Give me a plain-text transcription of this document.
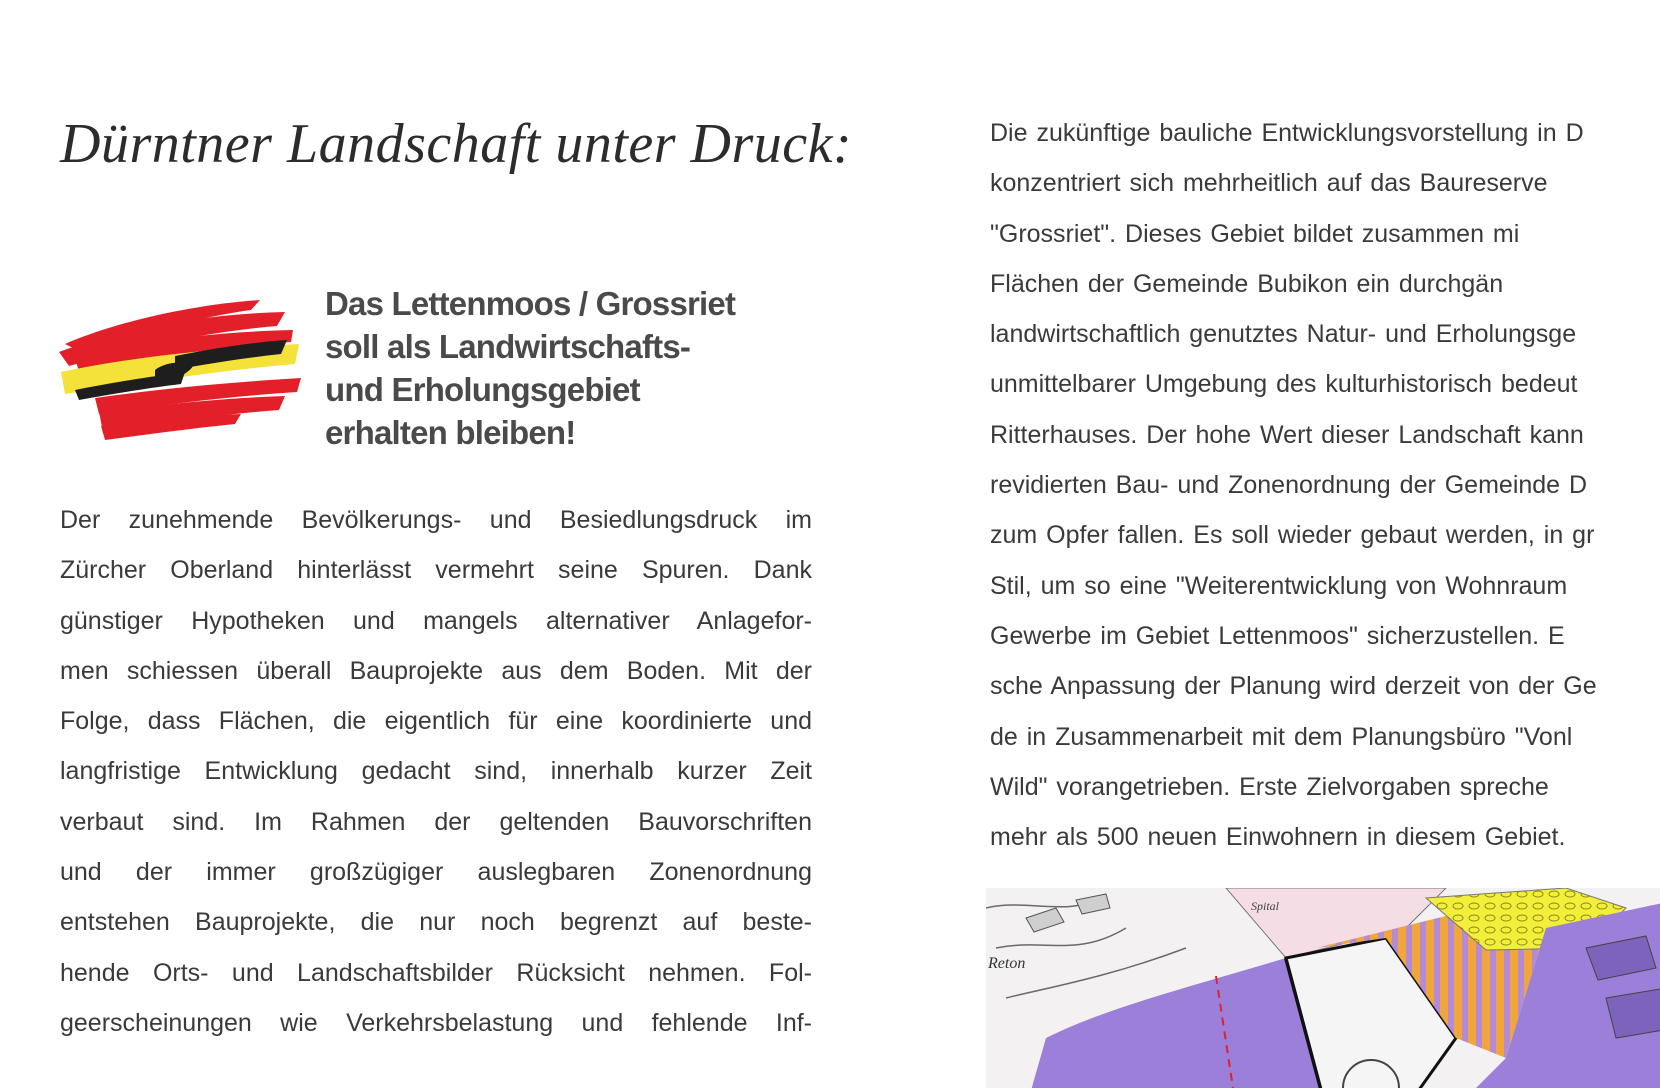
Dürntner Landschaft unter Druck:
Das Lettenmoos / Grossriet
soll als Landwirtschafts-
und Erholungsgebiet
erhalten bleiben!
Der zunehmende Bevölkerungs- und Besiedlungsdruck im
Zürcher Oberland hinterlässt vermehrt seine Spuren. Dank
günstiger Hypotheken und mangels alternativer Anlagefor-
men schiessen überall Bauprojekte aus dem Boden. Mit der
Folge, dass Flächen, die eigentlich für eine koordinierte und
langfristige Entwicklung gedacht sind, innerhalb kurzer Zeit
verbaut sind. Im Rahmen der geltenden Bauvorschriften
und der immer großzügiger auslegbaren Zonenordnung
entstehen Bauprojekte, die nur noch begrenzt auf beste-
hende Orts- und Landschaftsbilder Rücksicht nehmen. Fol-
geerscheinungen wie Verkehrsbelastung und fehlende Inf-
Die zukünftige bauliche Entwicklungsvorstellung in D
konzentriert sich mehrheitlich auf das Baureserve
"Grossriet". Dieses Gebiet bildet zusammen mi
Flächen der Gemeinde Bubikon ein durchgän
landwirtschaftlich genutztes Natur- und Erholungsge
unmittelbarer Umgebung des kulturhistorisch bedeut
Ritterhauses. Der hohe Wert dieser Landschaft kann
revidierten Bau- und Zonenordnung der Gemeinde D
zum Opfer fallen. Es soll wieder gebaut werden, in gr
Stil, um so eine "Weiterentwicklung von Wohnraum
Gewerbe im Gebiet Lettenmoos" sicherzustellen. E
sche Anpassung der Planung wird derzeit von der Ge
de in Zusammenarbeit mit dem Planungsbüro "Vonl
Wild" vorangetrieben. Erste Zielvorgaben spreche
mehr als 500 neuen Einwohnern in diesem Gebiet.
Reton
Spital
